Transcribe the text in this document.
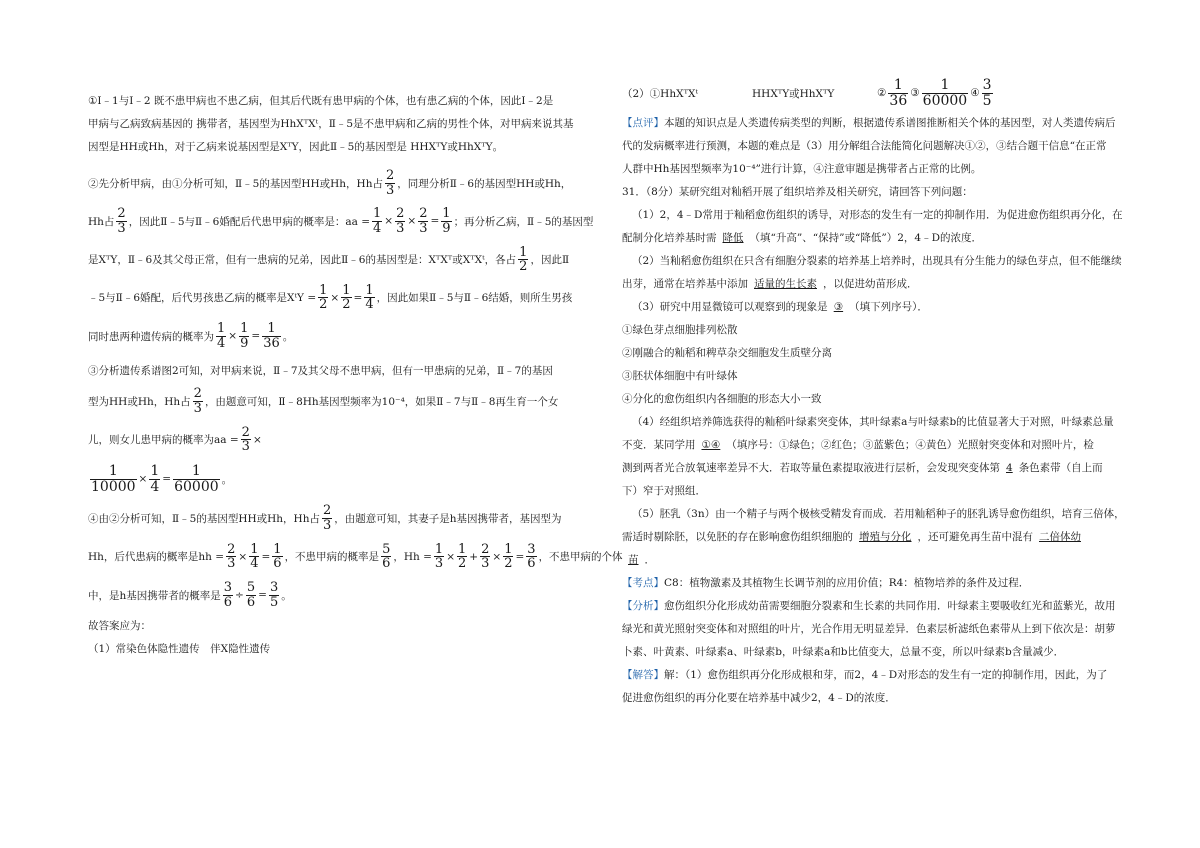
①Ⅰ﹣1与Ⅰ﹣2 既不患甲病也不患乙病，但其后代既有患甲病的个体，也有患乙病的个体，因此Ⅰ﹣2是

甲病与乙病致病基因的 携带者，基因型为HhXᵀXᵗ，Ⅱ﹣5是不患甲病和乙病的男性个体，对甲病来说其基

因型是HH或Hh，对于乙病来说基因型是XᵀY，因此Ⅱ﹣5的基因型是 HHXᵀY或HhXᵀY。

②先分析甲病，由①分析可知，Ⅱ﹣5的基因型HH或Hh，Hh占 $\frac{2}{3}$ ，同理分析Ⅱ﹣6的基因型HH或Hh，
Hh占 $\frac{2}{3}$ ，因此Ⅱ﹣5与Ⅱ﹣6婚配后代患甲病的概率是：aa = $\frac{1}{4} \times \frac{2}{3} \times \frac{2}{3} = \frac{1}{9}$ ；再分析乙病，Ⅱ﹣5的基因型
是XᵀY，Ⅱ﹣6及其父母正常，但有一患病的兄弟，因此Ⅱ﹣6的基因型是：XᵀXᵀ或XᵀXᵗ，各占 $\frac{1}{2}$ ，因此Ⅱ
﹣5与Ⅱ﹣6婚配，后代男孩患乙病的概率是XᵗY = $\frac{1}{2} \times \frac{1}{2} = \frac{1}{4}$ ，因此如果Ⅱ﹣5与Ⅱ﹣6结婚，则所生男孩
同时患两种遗传病的概率为 $\frac{1}{4} \times \frac{1}{9} = \frac{1}{36}$ 。

③分析遗传系谱图2可知，对甲病来说，Ⅱ﹣7及其父母不患甲病，但有一甲患病的兄弟，Ⅱ﹣7的基因

型为HH或Hh，Hh占 $\frac{2}{3}$ ，由题意可知，Ⅱ﹣8Hh基因型频率为10⁻⁴，如果Ⅱ﹣7与Ⅱ﹣8再生育一个女
儿，则女儿患甲病的概率为aa = $\frac{2}{3}$ ×
$\frac{1}{10000} \times \frac{1}{4} = \frac{1}{60000}$ 。
④由②分析可知，Ⅱ﹣5的基因型HH或Hh，Hh占 $\frac{2}{3}$ ，由题意可知，其妻子是h基因携带者，基因型为
Hh，后代患病的概率是hh = $\frac{2}{3} \times \frac{1}{4} = \frac{1}{6}$ ，不患甲病的概率是 $\frac{5}{6}$ ，$Hh = \frac{1}{3} \times \frac{1}{2} + \frac{2}{3} \times \frac{1}{2} = \frac{3}{6}$ ，不患甲病的个体
中，是h基因携带者的概率是 $\frac{3}{6} \div \frac{5}{6} = \frac{3}{5}$ 。

故答案应为：

（1）常染色体隐性遗传　伴X隐性遗传

（2）①HhXᵀXᵗ	HHXᵀY或HhXᵀY	② $\frac{1}{36}$ ③ $\frac{1}{60000}$ ④ $\frac{3}{5}$

【点评】本题的知识点是人类遗传病类型的判断，根据遗传系谱图推断相关个体的基因型，对人类遗传病后

代的发病概率进行预测，本题的难点是（3）用分解组合法能简化问题解决①②，③结合题干信息“在正常

人群中Hh基因型频率为10⁻⁴”进行计算，④注意审题是携带者占正常的比例。

31．（8分）某研究组对籼稻开展了组织培养及相关研究，请回答下列问题：

（1）2，4﹣D常用于籼稻愈伤组织的诱导，对形态的发生有一定的抑制作用．为促进愈伤组织再分化，在

配制分化培养基时需 降低 （填“升高”、“保持”或“降低”）2，4﹣D的浓度．

（2）当籼稻愈伤组织在只含有细胞分裂素的培养基上培养时，出现具有分生能力的绿色芽点，但不能继续

出芽，通常在培养基中添加 适量的生长素 ，以促进幼苗形成．

（3）研究中用显微镜可以观察到的现象是 ③ （填下列序号）．

①绿色芽点细胞排列松散

②刚融合的籼稻和稗草杂交细胞发生质壁分离

③胚状体细胞中有叶绿体

④分化的愈伤组织内各细胞的形态大小一致

（4）经组织培养筛选获得的籼稻叶绿素突变体，其叶绿素a与叶绿素b的比值显著大于对照，叶绿素总量

不变．某同学用 ①④ （填序号：①绿色；②红色；③蓝紫色；④黄色）光照射突变体和对照叶片，检

测到两者光合放氧速率差异不大．若取等量色素提取液进行层析，会发现突变体第 4 条色素带（自上而

下）窄于对照组．

（5）胚乳（3n）由一个精子与两个极核受精发育而成．若用籼稻种子的胚乳诱导愈伤组织，培育三倍体，

需适时剔除胚，以免胚的存在影响愈伤组织细胞的 增殖与分化 ，还可避免再生苗中混有 二倍体幼

苗 ．

【考点】C8：植物激素及其植物生长调节剂的应用价值；R4：植物培养的条件及过程．

【分析】愈伤组织分化形成幼苗需要细胞分裂素和生长素的共同作用．叶绿素主要吸收红光和蓝紫光，故用

绿光和黄光照射突变体和对照组的叶片，光合作用无明显差异．色素层析滤纸色素带从上到下依次是：胡萝

卜素、叶黄素、叶绿素a、叶绿素b，叶绿素a和b比值变大，总量不变，所以叶绿素b含量减少．

【解答】解：（1）愈伤组织再分化形成根和芽，而2，4﹣D对形态的发生有一定的抑制作用，因此，为了

促进愈伤组织的再分化要在培养基中减少2，4﹣D的浓度．
